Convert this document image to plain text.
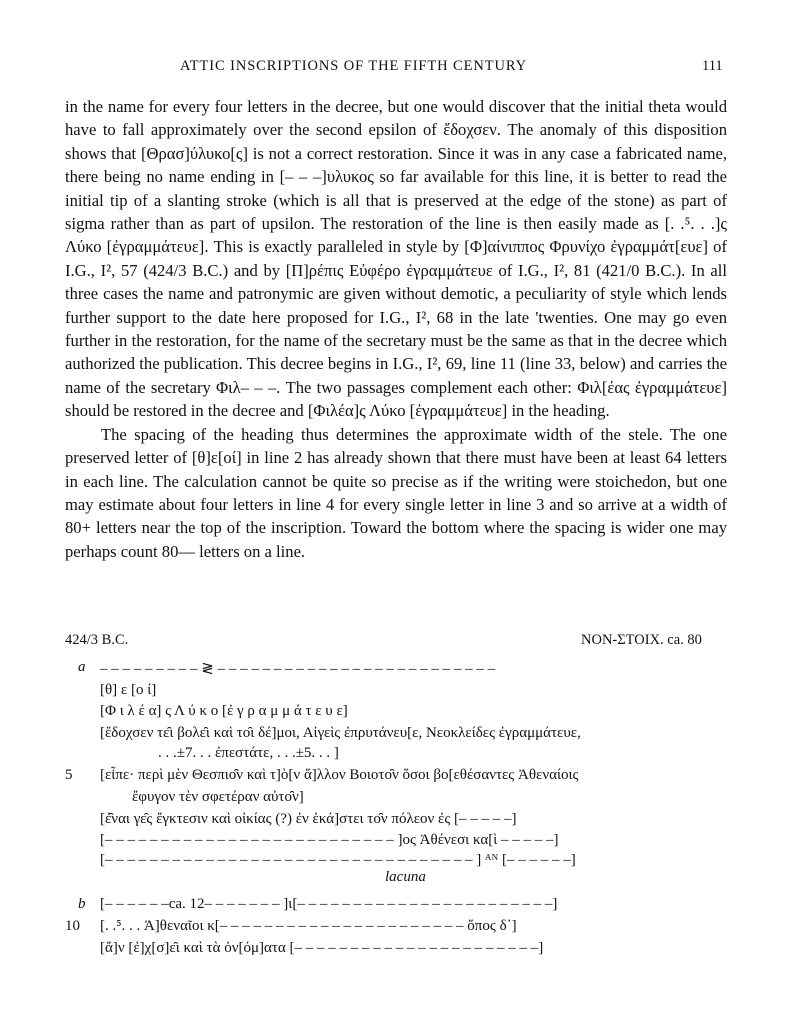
ATTIC INSCRIPTIONS OF THE FIFTH CENTURY	111

in the name for every four letters in the decree, but one would discover that the initial theta would have to fall approximately over the second epsilon of ἔδοχσεν. The anomaly of this disposition shows that [Θρασ]ύλυκο[ς] is not a correct restoration. Since it was in any case a fabricated name, there being no name ending in [– – –]υλυκος so far available for this line, it is better to read the initial tip of a slanting stroke (which is all that is preserved at the edge of the stone) as part of sigma rather than as part of upsilon. The restoration of the line is then easily made as [. .⁵. . .]ς Λύκο [ἐγραμμάτευε]. This is exactly paralleled in style by [Φ]αίνιππος Φρυνίχο ἐγραμμάτ[ευε] of I.G., I², 57 (424/3 B.C.) and by [Π]ρέπις Εὐφέρο ἐγραμμάτευε of I.G., I², 81 (421/0 B.C.). In all three cases the name and patronymic are given without demotic, a peculiarity of style which lends further support to the date here proposed for I.G., I², 68 in the late 'twenties. One may go even further in the restoration, for the name of the secretary must be the same as that in the decree which authorized the publication. This decree begins in I.G., I², 69, line 11 (line 33, below) and carries the name of the secretary Φιλ– – –. The two passages complement each other: Φιλ[έας ἐγραμμάτευε] should be restored in the decree and [Φιλέα]ς Λύκο [ἐγραμμάτευε] in the heading.

The spacing of the heading thus determines the approximate width of the stele. The one preserved letter of [θ]ε[οί] in line 2 has already shown that there must have been at least 64 letters in each line. The calculation cannot be quite so precise as if the writing were stoichedon, but one may estimate about four letters in line 4 for every single letter in line 3 and so arrive at a width of 80+ letters near the top of the inscription. Toward the bottom where the spacing is wider one may perhaps count 80— letters on a line.

424/3 B.C.	NON-ΣΤΟΙΧ. ca. 80
a
5
b
10
– – – – – – – – – ≷ – – – – – – – – – – – – – – – – – – – – – – – – –
[θ] ε [ο ί]
[Φ ι λ έ α] ς Λ ύ κ ο [ἐ γ ρ α μ μ ά τ ε υ ε]
[ἔδοχσεν τε̑ι βολε̑ι καὶ το̑ι δέ]μοι, Αἰγεὶς ἐπρυτάνευ[ε, Νεοκλείδες ἐγραμμάτευε,
. . .±7. . . ἐπεστάτε, . . .±5. . . ]
[εἶπε· περὶ μὲν Θεσπιο̑ν καὶ τ]ὸ[ν ἄ]λλον Βοιοτο̑ν ὅσοι βο[εθέσαντες Ἀθεναίοις
ἔφυγον τὲν σφετέραν αὐτο̑ν]
[ἐ̑ναι γε̑ς ἔγκτεσιν καὶ οἰκίας (?) ἐν ἑκά]στει το̑ν πόλεον ἐς [– – – – –]
[– – – – – – – – – – – – – – – – – – – – – – – – – – ]ος Ἀθένεσι κα[ὶ – – – – –]
[– – – – – – – – – – – – – – – – – – – – – – – – – – – – – – – – – ] ᴬᴺ [– – – – – –]
lacuna
[– – – – – –ca. 12– – – – – – – ]ι[– – – – – – – – – – – – – – – – – – – – – – –]
[. .⁵. . . Ἀ]θεναῖοι κ[– – – – – – – – – – – – – – – – – – – – – – ὅπος δ᾽]
[ἄ]ν [ἐ]χ[σ]ε̑ι καὶ τὰ ὀν[όμ]ατα [– – – – – – – – – – – – – – – – – – – – – –]
